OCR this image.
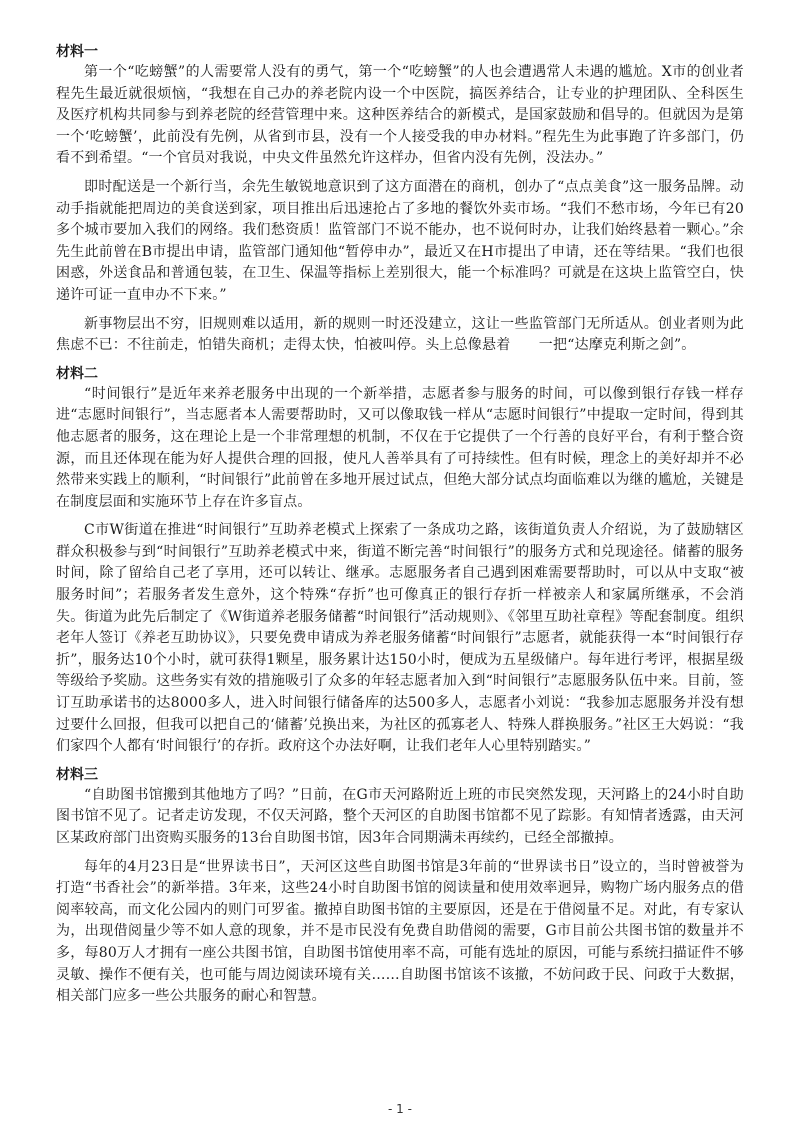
材料一

第一个“吃螃蟹”的人需要常人没有的勇气，第一个“吃螃蟹”的人也会遭遇常人未遇的尴尬。X市的创业者程先生最近就很烦恼，“我想在自己办的养老院内设一个中医院，搞医养结合，让专业的护理团队、全科医生及医疗机构共同参与到养老院的经营管理中来。这种医养结合的新模式，是国家鼓励和倡导的。但就因为是第一个‘吃螃蟹’，此前没有先例，从省到市县，没有一个人接受我的申办材料。”程先生为此事跑了许多部门，仍看不到希望。“一个官员对我说，中央文件虽然允许这样办，但省内没有先例，没法办。”

即时配送是一个新行当，余先生敏锐地意识到了这方面潜在的商机，创办了“点点美食”这一服务品牌。动动手指就能把周边的美食送到家，项目推出后迅速抢占了多地的餐饮外卖市场。“我们不愁市场，今年已有20多个城市要加入我们的网络。我们愁资质！监管部门不说不能办，也不说何时办，让我们始终悬着一颗心。”余先生此前曾在B市提出申请，监管部门通知他“暂停申办”，最近又在H市提出了申请，还在等结果。“我们也很困惑，外送食品和普通包装，在卫生、保温等指标上差别很大，能一个标准吗？可就是在这块上监管空白，快递许可证一直申办不下来。”

新事物层出不穷，旧规则难以适用，新的规则一时还没建立，这让一些监管部门无所适从。创业者则为此焦虑不已：不往前走，怕错失商机；走得太快，怕被叫停。头上总像悬着　　一把“达摩克利斯之剑”。

材料二

“时间银行”是近年来养老服务中出现的一个新举措，志愿者参与服务的时间，可以像到银行存钱一样存进“志愿时间银行”，当志愿者本人需要帮助时，又可以像取钱一样从“志愿时间银行”中提取一定时间，得到其他志愿者的服务，这在理论上是一个非常理想的机制，不仅在于它提供了一个行善的良好平台，有利于整合资源，而且还体现在能为好人提供合理的回报，使凡人善举具有了可持续性。但有时候，理念上的美好却并不必然带来实践上的顺利，“时间银行”此前曾在多地开展过试点，但绝大部分试点均面临难以为继的尴尬，关键是在制度层面和实施环节上存在许多盲点。

C市W街道在推进“时间银行”互助养老模式上探索了一条成功之路，该街道负责人介绍说，为了鼓励辖区群众积极参与到“时间银行”互助养老模式中来，街道不断完善“时间银行”的服务方式和兑现途径。储蓄的服务时间，除了留给自己老了享用，还可以转让、继承。志愿服务者自己遇到困难需要帮助时，可以从中支取“被服务时间”；若服务者发生意外，这个特殊“存折”也可像真正的银行存折一样被亲人和家属所继承，不会消失。街道为此先后制定了《W街道养老服务储蓄“时间银行”活动规则》、《邻里互助社章程》等配套制度。组织老年人签订《养老互助协议》，只要免费申请成为养老服务储蓄“时间银行”志愿者，就能获得一本“时间银行存折”，服务达10个小时，就可获得1颗星，服务累计达150小时，便成为五星级储户。每年进行考评，根据星级等级给予奖励。这些务实有效的措施吸引了众多的年轻志愿者加入到“时间银行”志愿服务队伍中来。目前，签订互助承诺书的达8000多人，进入时间银行储备库的达500多人，志愿者小刘说：“我参加志愿服务并没有想过要什么回报，但我可以把自己的‘储蓄’兑换出来，为社区的孤寡老人、特殊人群换服务。”社区王大妈说：“我们家四个人都有‘时间银行’的存折。政府这个办法好啊，让我们老年人心里特别踏实。”

材料三

“自助图书馆搬到其他地方了吗？”日前，在G市天河路附近上班的市民突然发现，天河路上的24小时自助图书馆不见了。记者走访发现，不仅天河路，整个天河区的自助图书馆都不见了踪影。有知情者透露，由天河区某政府部门出资购买服务的13台自助图书馆，因3年合同期满未再续约，已经全部撤掉。

每年的4月23日是“世界读书日”，天河区这些自助图书馆是3年前的“世界读书日”设立的，当时曾被誉为打造“书香社会”的新举措。3年来，这些24小时自助图书馆的阅读量和使用效率迥异，购物广场内服务点的借阅率较高，而文化公园内的则门可罗雀。撤掉自助图书馆的主要原因，还是在于借阅量不足。对此，有专家认为，出现借阅量少等不如人意的现象，并不是市民没有免费自助借阅的需要，G市目前公共图书馆的数量并不多，每80万人才拥有一座公共图书馆，自助图书馆使用率不高，可能有选址的原因，可能与系统扫描证件不够灵敏、操作不便有关，也可能与周边阅读环境有关……自助图书馆该不该撤，不妨问政于民、问政于大数据，相关部门应多一些公共服务的耐心和智慧。

- 1 -
